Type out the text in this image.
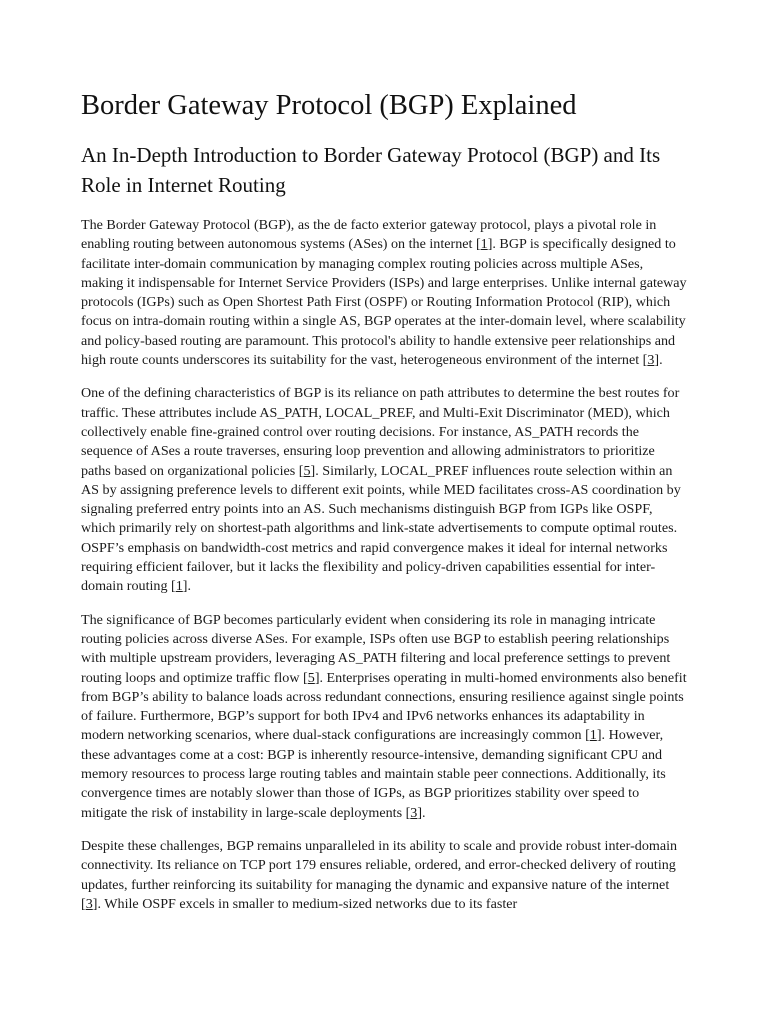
Border Gateway Protocol (BGP) Explained
An In-Depth Introduction to Border Gateway Protocol (BGP) and Its Role in Internet Routing

The Border Gateway Protocol (BGP), as the de facto exterior gateway protocol, plays a pivotal role in enabling routing between autonomous systems (ASes) on the internet [1]. BGP is specifically designed to facilitate inter-domain communication by managing complex routing policies across multiple ASes, making it indispensable for Internet Service Providers (ISPs) and large enterprises. Unlike internal gateway protocols (IGPs) such as Open Shortest Path First (OSPF) or Routing Information Protocol (RIP), which focus on intra-domain routing within a single AS, BGP operates at the inter-domain level, where scalability and policy-based routing are paramount. This protocol's ability to handle extensive peer relationships and high route counts underscores its suitability for the vast, heterogeneous environment of the internet [3].

One of the defining characteristics of BGP is its reliance on path attributes to determine the best routes for traffic. These attributes include AS_PATH, LOCAL_PREF, and Multi-Exit Discriminator (MED), which collectively enable fine-grained control over routing decisions. For instance, AS_PATH records the sequence of ASes a route traverses, ensuring loop prevention and allowing administrators to prioritize paths based on organizational policies [5]. Similarly, LOCAL_PREF influences route selection within an AS by assigning preference levels to different exit points, while MED facilitates cross-AS coordination by signaling preferred entry points into an AS. Such mechanisms distinguish BGP from IGPs like OSPF, which primarily rely on shortest-path algorithms and link-state advertisements to compute optimal routes. OSPF’s emphasis on bandwidth-cost metrics and rapid convergence makes it ideal for internal networks requiring efficient failover, but it lacks the flexibility and policy-driven capabilities essential for inter-domain routing [1].

The significance of BGP becomes particularly evident when considering its role in managing intricate routing policies across diverse ASes. For example, ISPs often use BGP to establish peering relationships with multiple upstream providers, leveraging AS_PATH filtering and local preference settings to prevent routing loops and optimize traffic flow [5]. Enterprises operating in multi-homed environments also benefit from BGP’s ability to balance loads across redundant connections, ensuring resilience against single points of failure. Furthermore, BGP’s support for both IPv4 and IPv6 networks enhances its adaptability in modern networking scenarios, where dual-stack configurations are increasingly common [1]. However, these advantages come at a cost: BGP is inherently resource-intensive, demanding significant CPU and memory resources to process large routing tables and maintain stable peer connections. Additionally, its convergence times are notably slower than those of IGPs, as BGP prioritizes stability over speed to mitigate the risk of instability in large-scale deployments [3].

Despite these challenges, BGP remains unparalleled in its ability to scale and provide robust inter-domain connectivity. Its reliance on TCP port 179 ensures reliable, ordered, and error-checked delivery of routing updates, further reinforcing its suitability for managing the dynamic and expansive nature of the internet [3]. While OSPF excels in smaller to medium-sized networks due to its faster
